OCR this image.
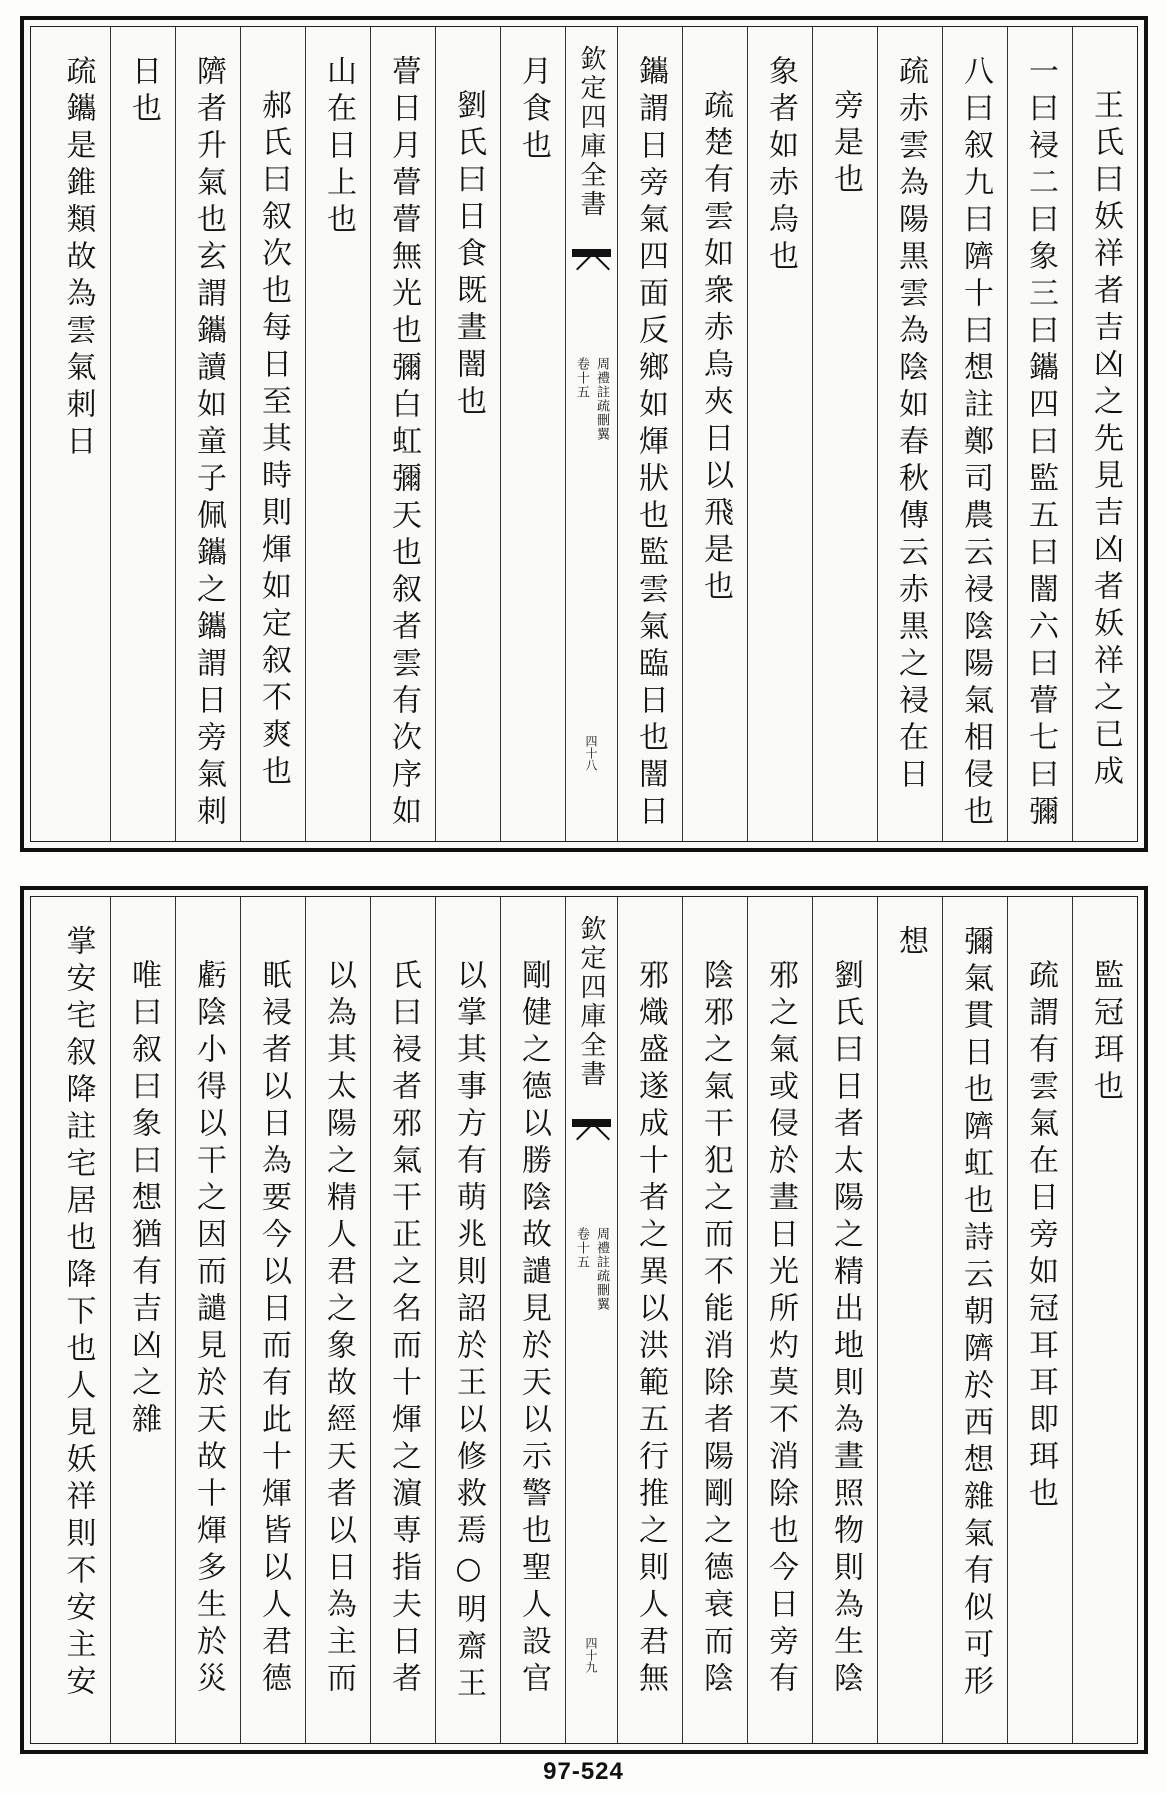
王氏曰妖祥者吉凶之先見吉凶者妖祥之已成
一曰祲二曰象三曰鑴四曰監五曰闇六曰瞢七曰彌
八曰叙九曰隮十曰想註鄭司農云祲陰陽氣相侵也
疏赤雲為陽黒雲為陰如春秋傳云赤黒之祲在日
旁是也
象者如赤烏也
疏楚有雲如衆赤烏夾日以飛是也
鑴謂日旁氣四面反鄉如煇狀也監雲氣臨日也闇日
欽定四庫全書
周禮註疏刪翼
卷十五
四十八
月食也
劉氏曰日食既晝闇也
瞢日月瞢瞢無光也彌白虹彌天也叙者雲有次序如
山在日上也
郝氏曰叙次也每日至其時則煇如定叙不爽也
隮者升氣也玄謂鑴讀如童子佩鑴之鑴謂日旁氣刺
日也
疏鑴是錐類故為雲氣刺日
監冠珥也
疏謂有雲氣在日旁如冠耳耳即珥也
彌氣貫日也隮虹也詩云朝隮於西想雜氣有似可形
想
劉氏曰日者太陽之精出地則為晝照物則為生陰
邪之氣或侵於晝日光所灼莫不消除也今日旁有
陰邪之氣干犯之而不能消除者陽剛之德衰而陰
邪熾盛遂成十者之異以洪範五行推之則人君無
欽定四庫全書
周禮註疏刪翼
卷十五
四十九
剛健之德以勝陰故譴見於天以示警也聖人設官
以掌其事方有萌兆則詔於王以修救焉○明齋王
氏曰祲者邪氣干正之名而十煇之濵専指夫日者
以為其太陽之精人君之象故經天者以日為主而
眂祲者以日為要今以日而有此十煇皆以人君德
虧陰小得以干之因而譴見於天故十煇多生於災
唯曰叙曰象曰想猶有吉凶之雜
掌安宅叙降註宅居也降下也人見妖祥則不安主安
97-524
